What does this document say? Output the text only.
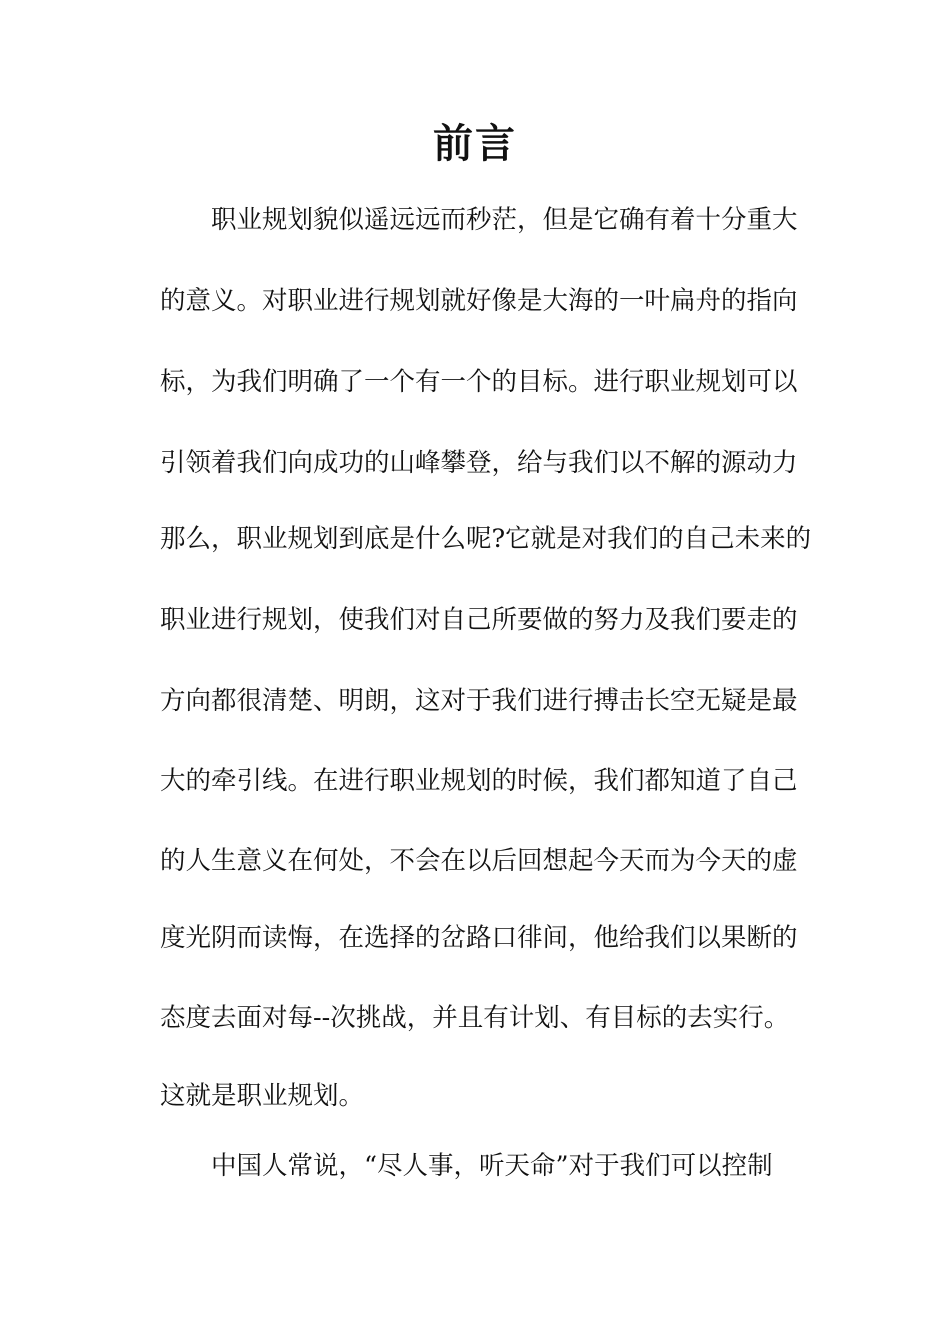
前言

职业规划貌似遥远远而秒茫，但是它确有着十分重大

的意义。对职业进行规划就好像是大海的一叶扁舟的指向

标，为我们明确了一个有一个的目标。进行职业规划可以

引领着我们向成功的山峰攀登，给与我们以不解的源动力

那么，职业规划到底是什么呢?它就是对我们的自己未来的

职业进行规划，使我们对自己所要做的努力及我们要走的

方向都很清楚、明朗，这对于我们进行搏击长空无疑是最

大的牵引线。在进行职业规划的时候，我们都知道了自己

的人生意义在何处，不会在以后回想起今天而为今天的虚

度光阴而读悔，在选择的岔路口徘间，他给我们以果断的

态度去面对每--次挑战，并且有计划、有目标的去实行。

这就是职业规划。

中国人常说，“尽人事，听天命”对于我们可以控制
